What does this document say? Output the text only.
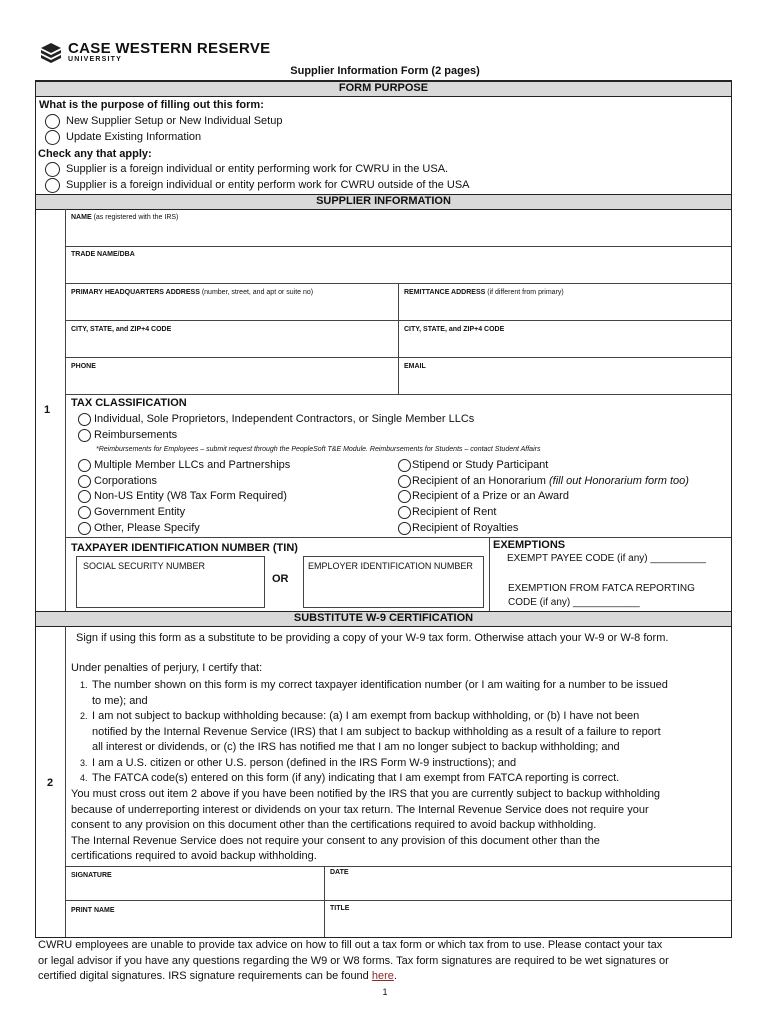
CASE WESTERN RESERVE
UNIVERSITY
Supplier Information Form (2 pages)
FORM PURPOSE
What is the purpose of filling out this form:
New Supplier Setup or New Individual Setup
Update Existing Information
Check any that apply:
Supplier is a foreign individual or entity performing work for CWRU in the USA.
Supplier is a foreign individual or entity perform work for CWRU outside of the USA
SUPPLIER INFORMATION
1
NAME (as registered with the IRS)
TRADE NAME/DBA
PRIMARY HEADQUARTERS ADDRESS (number, street, and apt or suite no)	REMITTANCE ADDRESS (if different from primary)
CITY, STATE, and ZIP+4 CODE	CITY, STATE, and ZIP+4 CODE
PHONE	EMAIL
TAX CLASSIFICATION
Individual, Sole Proprietors, Independent Contractors, or Single Member LLCs
Reimbursements
*Reimbursements for Employees – submit request through the PeopleSoft T&E Module. Reimbursements for Students – contact Student Affairs
Multiple Member LLCs and Partnerships
Corporations
Non-US Entity (W8 Tax Form Required)
Government Entity
Other, Please Specify
Stipend or Study Participant
Recipient of an Honorarium (fill out Honorarium form too)
Recipient of a Prize or an Award
Recipient of Rent
Recipient of Royalties
TAXPAYER IDENTIFICATION NUMBER (TIN)
SOCIAL SECURITY NUMBER
OR
EMPLOYER IDENTIFICATION NUMBER
EXEMPTIONS
EXEMPT PAYEE CODE (if any) __________
EXEMPTION FROM FATCA REPORTING
CODE (if any) ____________
SUBSTITUTE W-9 CERTIFICATION
2
Sign if using this form as a substitute to be providing a copy of your W-9 tax form. Otherwise attach your W-9 or W-8 form.
Under penalties of perjury, I certify that:
1. The number shown on this form is my correct taxpayer identification number (or I am waiting for a number to be issued
to me); and
2. I am not subject to backup withholding because: (a) I am exempt from backup withholding, or (b) I have not been
notified by the Internal Revenue Service (IRS) that I am subject to backup withholding as a result of a failure to report
all interest or dividends, or (c) the IRS has notified me that I am no longer subject to backup withholding; and
3. I am a U.S. citizen or other U.S. person (defined in the IRS Form W-9 instructions); and
4. The FATCA code(s) entered on this form (if any) indicating that I am exempt from FATCA reporting is correct.
You must cross out item 2 above if you have been notified by the IRS that you are currently subject to backup withholding
because of underreporting interest or dividends on your tax return. The Internal Revenue Service does not require your
consent to any provision on this document other than the certifications required to avoid backup withholding.
The Internal Revenue Service does not require your consent to any provision of this document other than the
certifications required to avoid backup withholding.
SIGNATURE	DATE
PRINT NAME	TITLE
CWRU employees are unable to provide tax advice on how to fill out a tax form or which tax from to use. Please contact your tax
or legal advisor if you have any questions regarding the W9 or W8 forms. Tax form signatures are required to be wet signatures or
certified digital signatures. IRS signature requirements can be found here.
1
